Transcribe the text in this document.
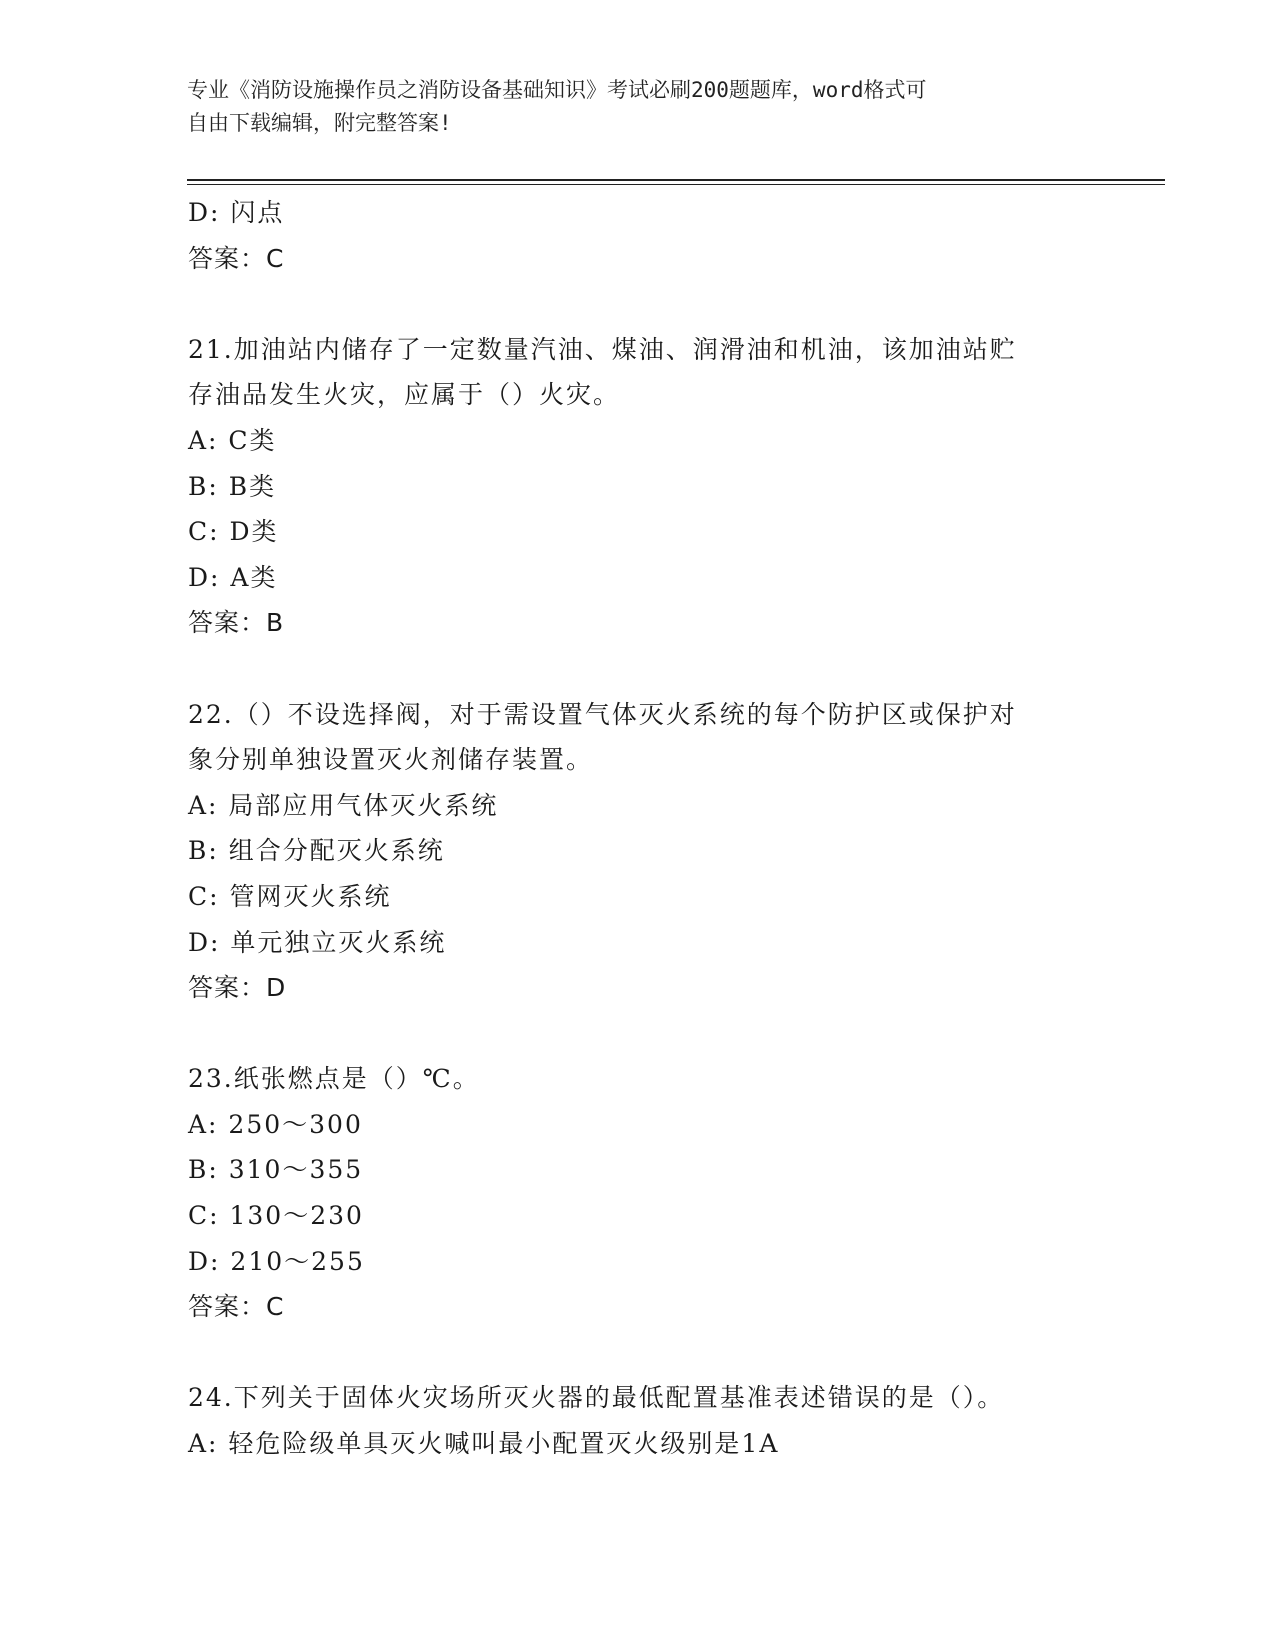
专业《消防设施操作员之消防设备基础知识》考试必刷200题题库，word格式可
自由下载编辑，附完整答案!
D: 闪点
答案：C
21.加油站内储存了一定数量汽油、煤油、润滑油和机油，该加油站贮
存油品发生火灾，应属于（）火灾。
A: C类
B: B类
C: D类
D: A类
答案：B
22.（）不设选择阀，对于需设置气体灭火系统的每个防护区或保护对
象分别单独设置灭火剂储存装置。
A: 局部应用气体灭火系统
B: 组合分配灭火系统
C: 管网灭火系统
D: 单元独立灭火系统
答案：D
23.纸张燃点是（）℃。
A: 250～300
B: 310～355
C: 130～230
D: 210～255
答案：C
24.下列关于固体火灾场所灭火器的最低配置基准表述错误的是（）。
A: 轻危险级单具灭火喊叫最小配置灭火级别是1A
